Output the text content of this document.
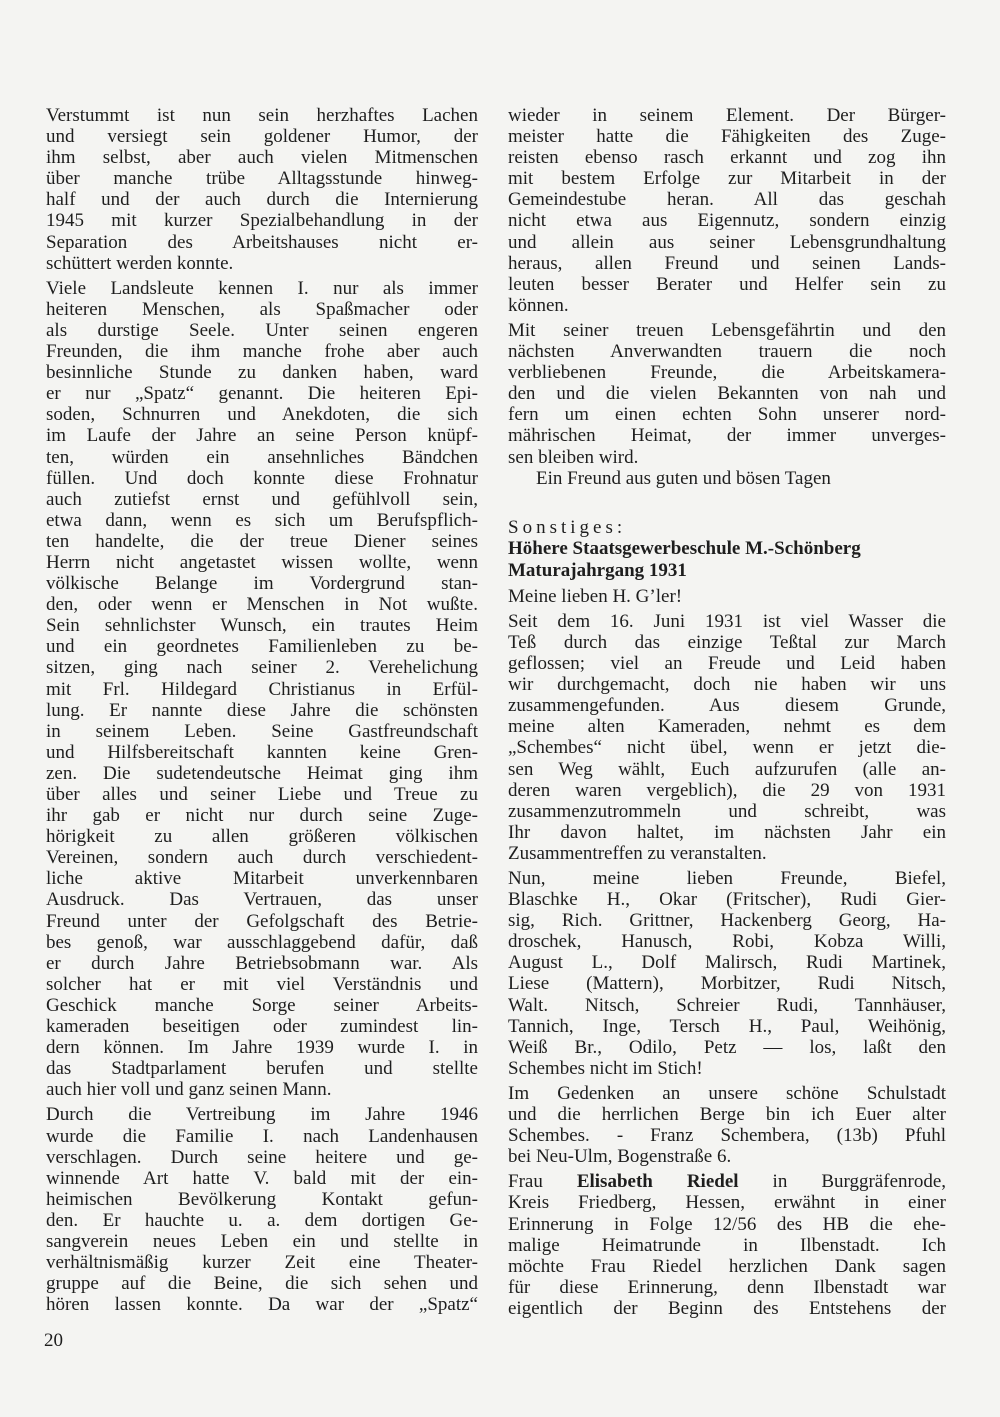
Verstummt ist nun sein herzhaftes Lachen
und versiegt sein goldener Humor, der
ihm selbst, aber auch vielen Mitmenschen
über manche trübe Alltagsstunde hinweg-
half und der auch durch die Internierung
1945 mit kurzer Spezialbehandlung in der
Separation des Arbeitshauses nicht er-
schüttert werden konnte.
Viele Landsleute kennen I. nur als immer
heiteren Menschen, als Spaßmacher oder
als durstige Seele. Unter seinen engeren
Freunden, die ihm manche frohe aber auch
besinnliche Stunde zu danken haben, ward
er nur „Spatz“ genannt. Die heiteren Epi-
soden, Schnurren und Anekdoten, die sich
im Laufe der Jahre an seine Person knüpf-
ten, würden ein ansehnliches Bändchen
füllen. Und doch konnte diese Frohnatur
auch zutiefst ernst und gefühlvoll sein,
etwa dann, wenn es sich um Berufspflich-
ten handelte, die der treue Diener seines
Herrn nicht angetastet wissen wollte, wenn
völkische Belange im Vordergrund stan-
den, oder wenn er Menschen in Not wußte.
Sein sehnlichster Wunsch, ein trautes Heim
und ein geordnetes Familienleben zu be-
sitzen, ging nach seiner 2. Verehelichung
mit Frl. Hildegard Christianus in Erfül-
lung. Er nannte diese Jahre die schönsten
in seinem Leben. Seine Gastfreundschaft
und Hilfsbereitschaft kannten keine Gren-
zen. Die sudetendeutsche Heimat ging ihm
über alles und seiner Liebe und Treue zu
ihr gab er nicht nur durch seine Zuge-
hörigkeit zu allen größeren völkischen
Vereinen, sondern auch durch verschiedent-
liche aktive Mitarbeit unverkennbaren
Ausdruck. Das Vertrauen, das unser
Freund unter der Gefolgschaft des Betrie-
bes genoß, war ausschlaggebend dafür, daß
er durch Jahre Betriebsobmann war. Als
solcher hat er mit viel Verständnis und
Geschick manche Sorge seiner Arbeits-
kameraden beseitigen oder zumindest lin-
dern können. Im Jahre 1939 wurde I. in
das Stadtparlament berufen und stellte
auch hier voll und ganz seinen Mann.
Durch die Vertreibung im Jahre 1946
wurde die Familie I. nach Landenhausen
verschlagen. Durch seine heitere und ge-
winnende Art hatte V. bald mit der ein-
heimischen Bevölkerung Kontakt gefun-
den. Er hauchte u. a. dem dortigen Ge-
sangverein neues Leben ein und stellte in
verhältnismäßig kurzer Zeit eine Theater-
gruppe auf die Beine, die sich sehen und
hören lassen konnte. Da war der „Spatz“
wieder in seinem Element. Der Bürger-
meister hatte die Fähigkeiten des Zuge-
reisten ebenso rasch erkannt und zog ihn
mit bestem Erfolge zur Mitarbeit in der
Gemeindestube heran. All das geschah
nicht etwa aus Eigennutz, sondern einzig
und allein aus seiner Lebensgrundhaltung
heraus, allen Freund und seinen Lands-
leuten besser Berater und Helfer sein zu
können.
Mit seiner treuen Lebensgefährtin und den
nächsten Anverwandten trauern die noch
verbliebenen Freunde, die Arbeitskamera-
den und die vielen Bekannten von nah und
fern um einen echten Sohn unserer nord-
mährischen Heimat, der immer unverges-
sen bleiben wird.
Ein Freund aus guten und bösen Tagen
Sonstiges:
Höhere Staatsgewerbeschule M.-Schönberg
Maturajahrgang 1931
Meine lieben H. G’ler!
Seit dem 16. Juni 1931 ist viel Wasser die
Teß durch das einzige Teßtal zur March
geflossen; viel an Freude und Leid haben
wir durchgemacht, doch nie haben wir uns
zusammengefunden. Aus diesem Grunde,
meine alten Kameraden, nehmt es dem
„Schembes“ nicht übel, wenn er jetzt die-
sen Weg wählt, Euch aufzurufen (alle an-
deren waren vergeblich), die 29 von 1931
zusammenzutrommeln und schreibt, was
Ihr davon haltet, im nächsten Jahr ein
Zusammentreffen zu veranstalten.
Nun, meine lieben Freunde, Biefel,
Blaschke H., Okar (Fritscher), Rudi Gier-
sig, Rich. Grittner, Hackenberg Georg, Ha-
droschek, Hanusch, Robi, Kobza Willi,
August L., Dolf Malirsch, Rudi Martinek,
Liese (Mattern), Morbitzer, Rudi Nitsch,
Walt. Nitsch, Schreier Rudi, Tannhäuser,
Tannich, Inge, Tersch H., Paul, Weihönig,
Weiß Br., Odilo, Petz — los, laßt den
Schembes nicht im Stich!
Im Gedenken an unsere schöne Schulstadt
und die herrlichen Berge bin ich Euer alter
Schembes. - Franz Schembera, (13b) Pfuhl
bei Neu-Ulm, Bogenstraße 6.
Frau Elisabeth Riedel in Burggräfenrode,
Kreis Friedberg, Hessen, erwähnt in einer
Erinnerung in Folge 12/56 des HB die ehe-
malige Heimatrunde in Ilbenstadt. Ich
möchte Frau Riedel herzlichen Dank sagen
für diese Erinnerung, denn Ilbenstadt war
eigentlich der Beginn des Entstehens der
20
